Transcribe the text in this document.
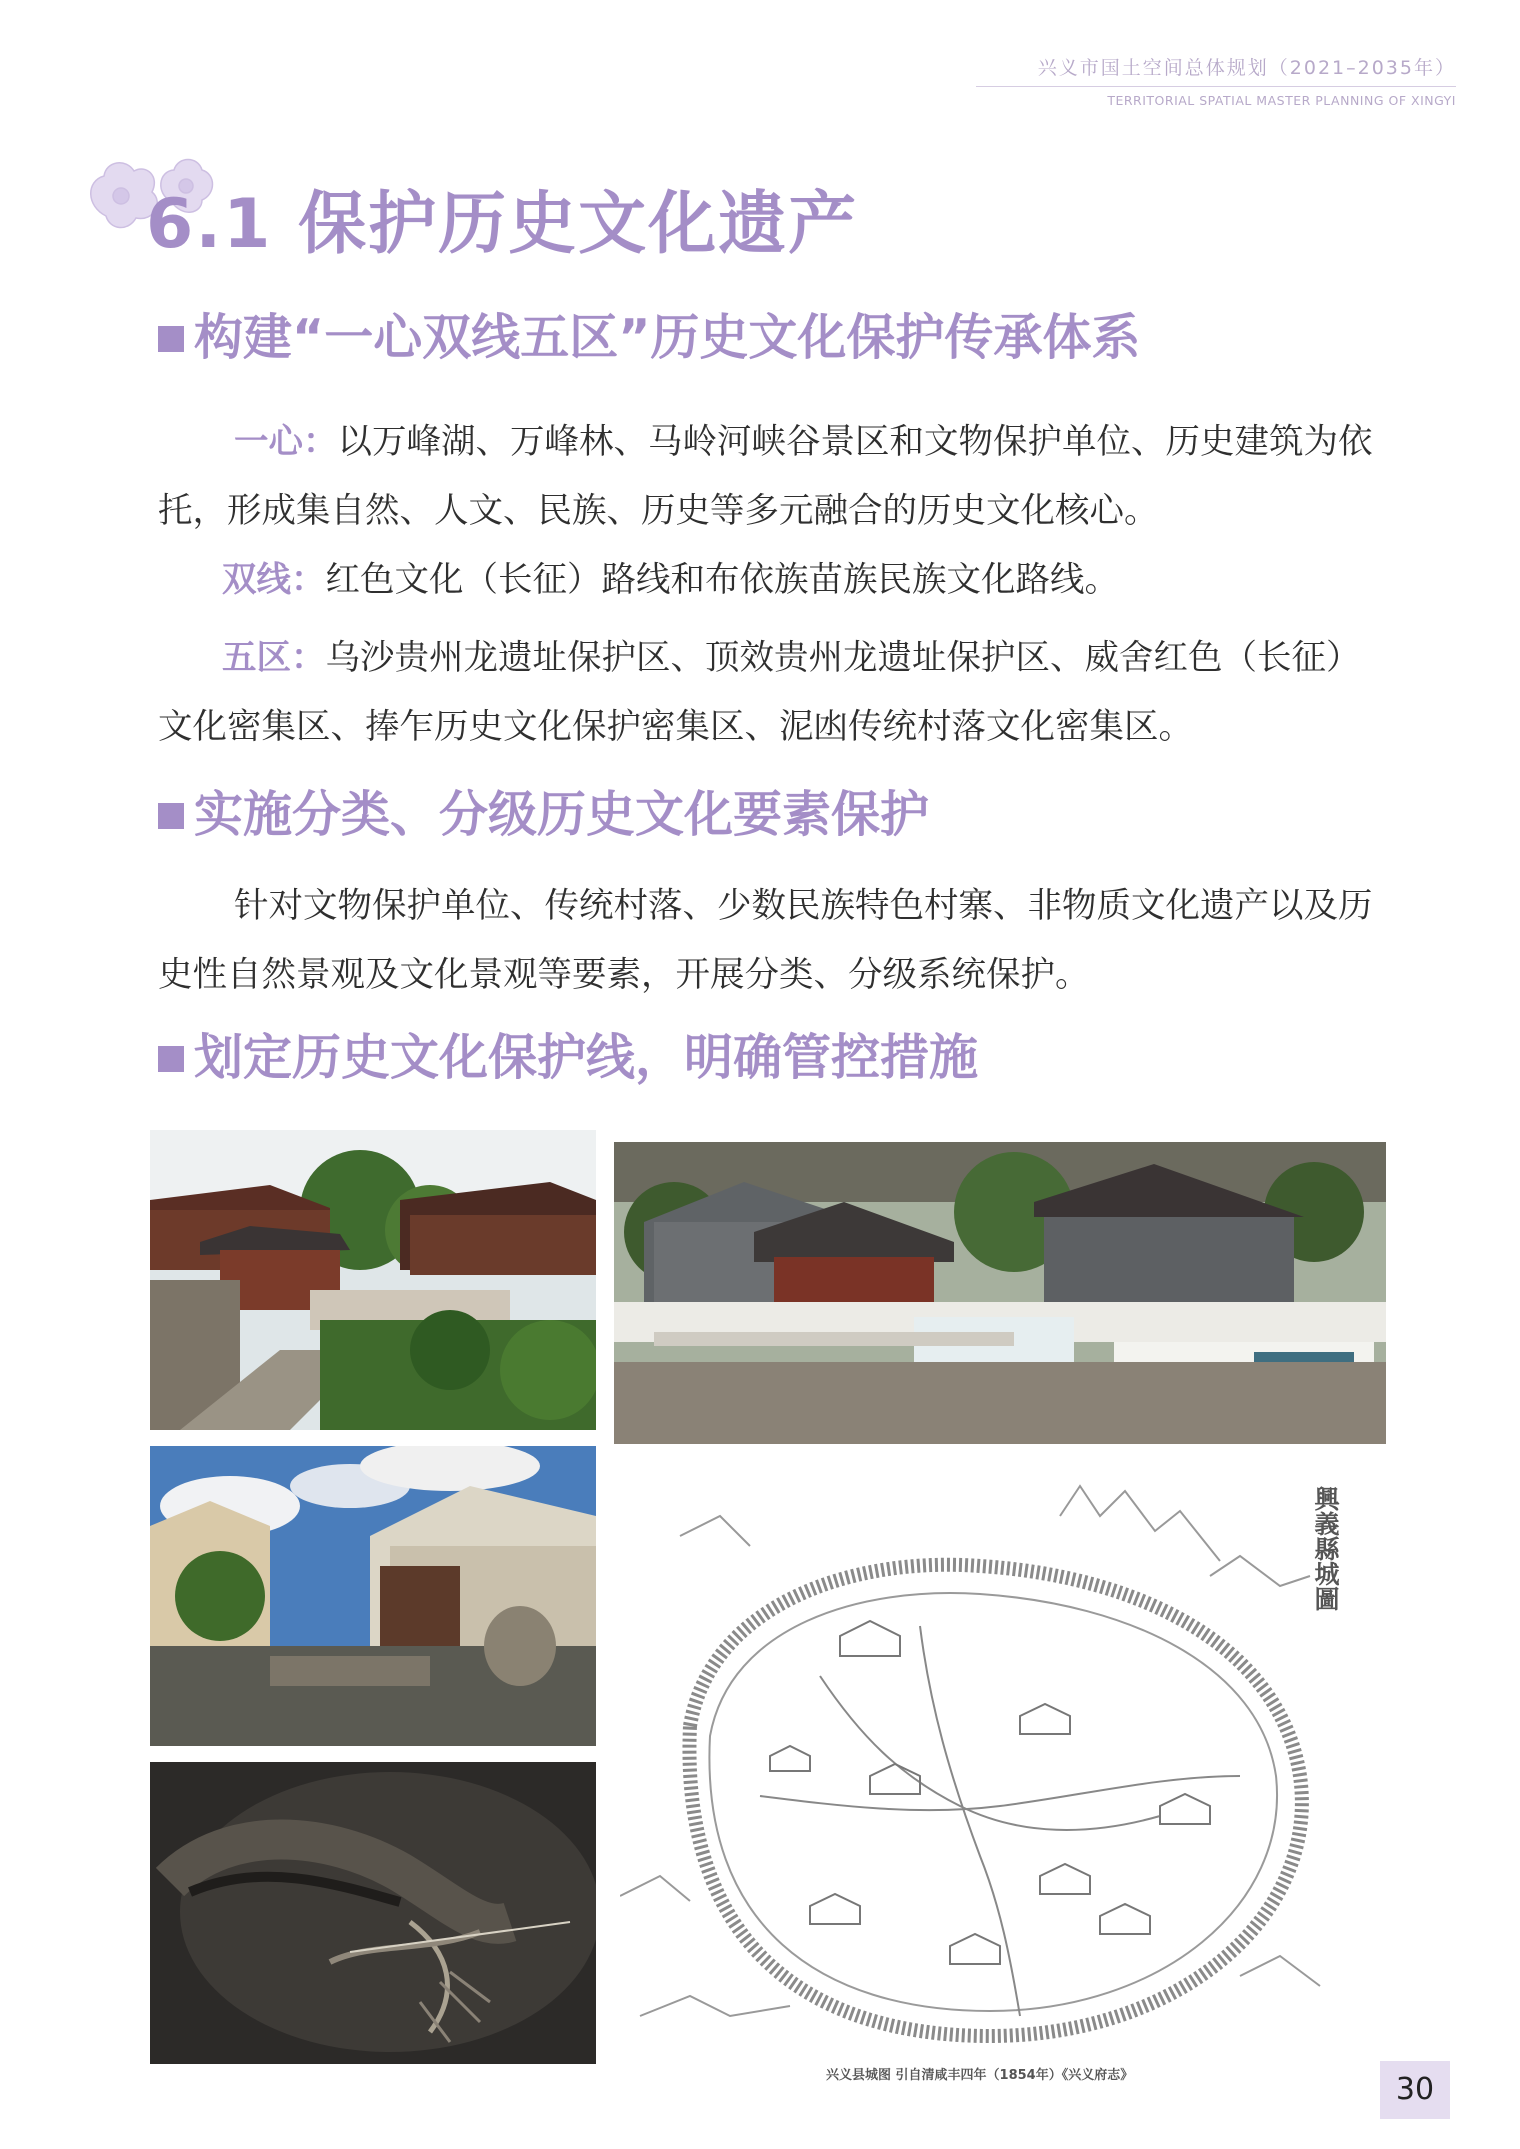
兴义市国土空间总体规划（2021–2035年）
TERRITORIAL SPATIAL MASTER PLANNING OF XINGYI
6.1 保护历史文化遗产
构建“一心双线五区”历史文化保护传承体系
一心：以万峰湖、万峰林、马岭河峡谷景区和文物保护单位、历史建筑为依托，形成集自然、人文、民族、历史等多元融合的历史文化核心。
双线：红色文化（长征）路线和布依族苗族民族文化路线。
五区：乌沙贵州龙遗址保护区、顶效贵州龙遗址保护区、威舍红色（长征）文化密集区、捧乍历史文化保护密集区、泥凼传统村落文化密集区。
实施分类、分级历史文化要素保护
针对文物保护单位、传统村落、少数民族特色村寨、非物质文化遗产以及历史性自然景观及文化景观等要素，开展分类、分级系统保护。
划定历史文化保护线，明确管控措施
興義縣城圖
兴义县城图 引自清咸丰四年（1854年）《兴义府志》	30
